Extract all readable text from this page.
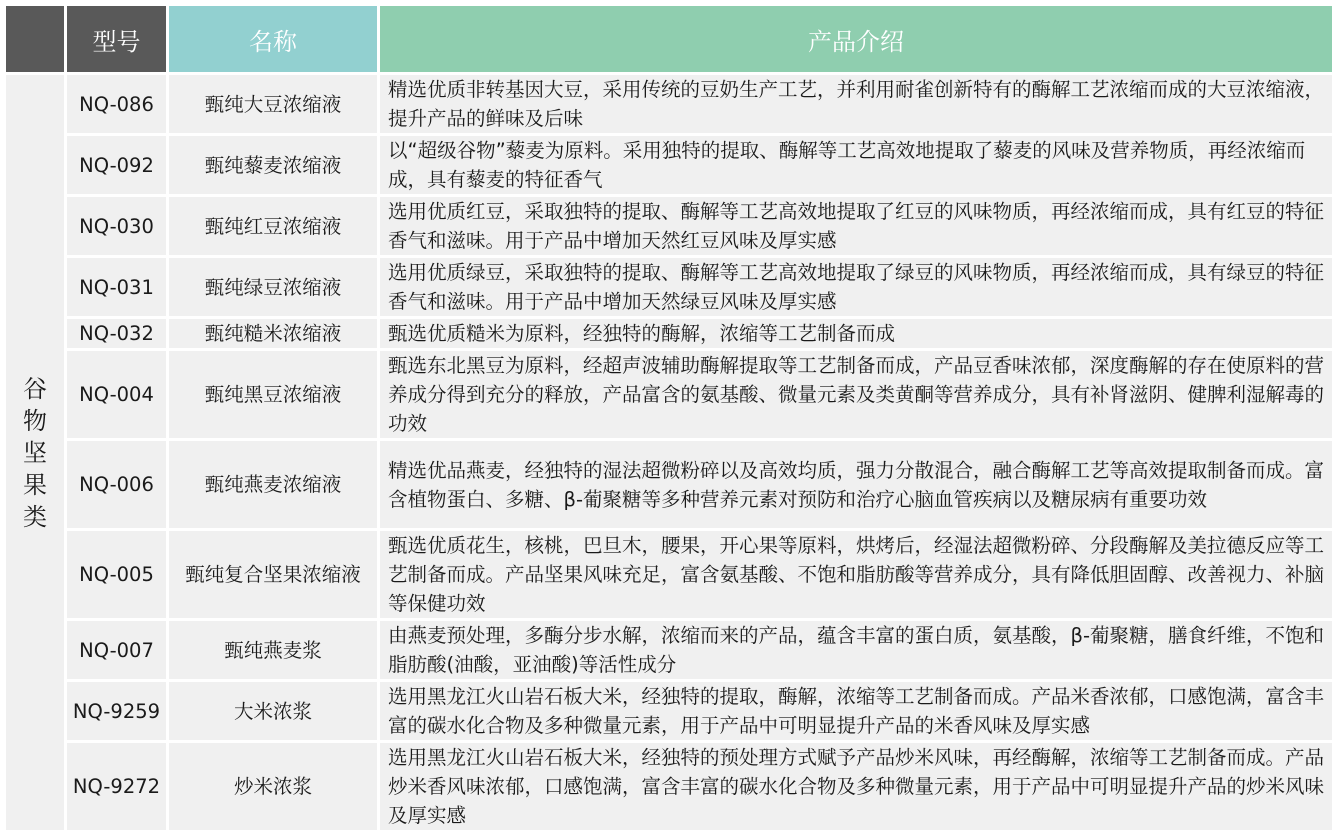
	型号	名称	产品介绍
谷物坚果类	NQ-086	甄纯大豆浓缩液	精选优质非转基因大豆，采用传统的豆奶生产工艺，并利用耐雀创新特有的酶解工艺浓缩而成的大豆浓缩液，提升产品的鲜味及后味
	NQ-092	甄纯藜麦浓缩液	以“超级谷物”藜麦为原料。采用独特的提取、酶解等工艺高效地提取了藜麦的风味及营养物质，再经浓缩而成，具有藜麦的特征香气
	NQ-030	甄纯红豆浓缩液	选用优质红豆，采取独特的提取、酶解等工艺高效地提取了红豆的风味物质，再经浓缩而成，具有红豆的特征香气和滋味。用于产品中增加天然红豆风味及厚实感
	NQ-031	甄纯绿豆浓缩液	选用优质绿豆，采取独特的提取、酶解等工艺高效地提取了绿豆的风味物质，再经浓缩而成，具有绿豆的特征香气和滋味。用于产品中增加天然绿豆风味及厚实感
	NQ-032	甄纯糙米浓缩液	甄选优质糙米为原料，经独特的酶解，浓缩等工艺制备而成
	NQ-004	甄纯黑豆浓缩液	甄选东北黑豆为原料，经超声波辅助酶解提取等工艺制备而成，产品豆香味浓郁，深度酶解的存在使原料的营养成分得到充分的释放，产品富含的氨基酸、微量元素及类黄酮等营养成分，具有补肾滋阴、健脾利湿解毒的功效
	NQ-006	甄纯燕麦浓缩液	精选优品燕麦，经独特的湿法超微粉碎以及高效均质，强力分散混合，融合酶解工艺等高效提取制备而成。富含植物蛋白、多糖、β-葡聚糖等多种营养元素对预防和治疗心脑血管疾病以及糖尿病有重要功效
	NQ-005	甄纯复合坚果浓缩液	甄选优质花生，核桃，巴旦木，腰果，开心果等原料，烘烤后，经湿法超微粉碎、分段酶解及美拉德反应等工艺制备而成。产品坚果风味充足，富含氨基酸、不饱和脂肪酸等营养成分，具有降低胆固醇、改善视力、补脑等保健功效
	NQ-007	甄纯燕麦浆	由燕麦预处理，多酶分步水解，浓缩而来的产品，蕴含丰富的蛋白质，氨基酸，β-葡聚糖，膳食纤维，不饱和脂肪酸(油酸，亚油酸)等活性成分
	NQ-9259	大米浓浆	选用黑龙江火山岩石板大米，经独特的提取，酶解，浓缩等工艺制备而成。产品米香浓郁，口感饱满，富含丰富的碳水化合物及多种微量元素，用于产品中可明显提升产品的米香风味及厚实感
	NQ-9272	炒米浓浆	选用黑龙江火山岩石板大米，经独特的预处理方式赋予产品炒米风味，再经酶解，浓缩等工艺制备而成。产品炒米香风味浓郁，口感饱满，富含丰富的碳水化合物及多种微量元素，用于产品中可明显提升产品的炒米风味及厚实感
